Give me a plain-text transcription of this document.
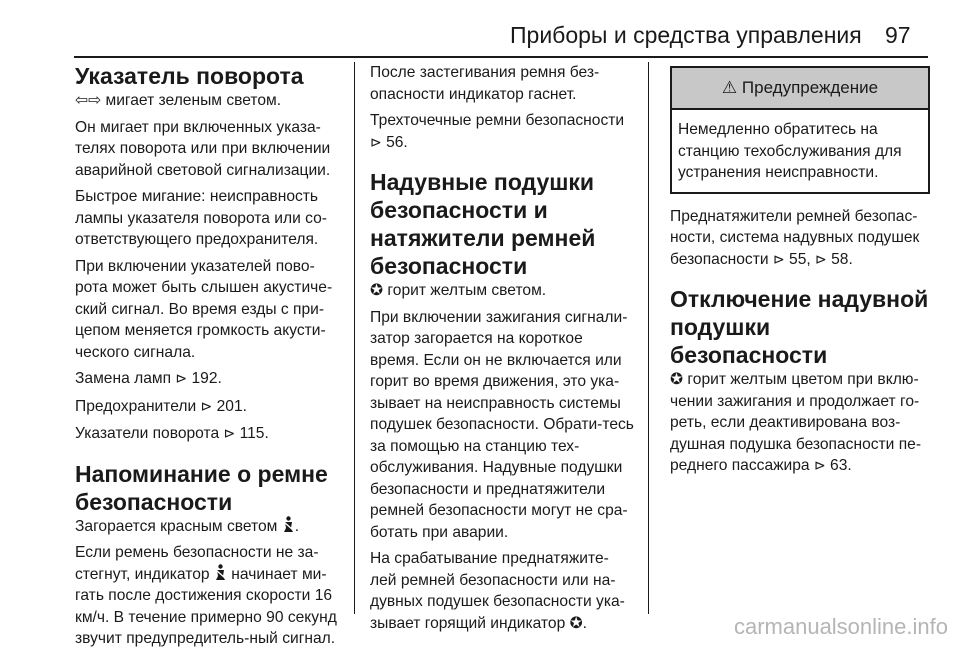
Приборы и средства управления 97
Указатель поворота

⇦⇨ мигает зеленым светом.

Он мигает при включенных указа-телях поворота или при включении аварийной световой сигнализации.

Быстрое мигание: неисправность лампы указателя поворота или со-ответствующего предохранителя.

При включении указателей пово-рота может быть слышен акустиче-ский сигнал. Во время езды с при-цепом меняется громкость акусти-ческого сигнала.

Замена ламп ⊳ 192.

Предохранители ⊳ 201.

Указатели поворота ⊳ 115.

Напоминание о ремне безопасности

Загорается красным светом .

Если ремень безопасности не за-стегнут, индикатор начинает ми-гать после достижения скорости 16 км/ч. В течение примерно 90 секунд звучит предупредитель-ный сигнал.

После застегивания ремня без-опасности индикатор гаснет.

Трехточечные ремни безопасности ⊳ 56.

Надувные подушки безопасности и натяжители ремней безопасности

✪ горит желтым светом.

При включении зажигания сигнали-затор загорается на короткое время. Если он не включается или горит во время движения, это ука-зывает на неисправность системы подушек безопасности. Обрати-тесь за помощью на станцию тех-обслуживания. Надувные подушки безопасности и преднатяжители ремней безопасности могут не сра-ботать при аварии.

На срабатывание преднатяжите-лей ремней безопасности или на-дувных подушек безопасности ука-зывает горящий индикатор ✪.

⚠ Предупреждение
Немедленно обратитесь на станцию техобслуживания для устранения неисправности.

Преднатяжители ремней безопас-ности, система надувных подушек безопасности ⊳ 55, ⊳ 58.

Отключение надувной подушки безопасности

✪ горит желтым цветом при вклю-чении зажигания и продолжает го-реть, если деактивирована воз-душная подушка безопасности пе-реднего пассажира ⊳ 63.

carmanualsonline.info
